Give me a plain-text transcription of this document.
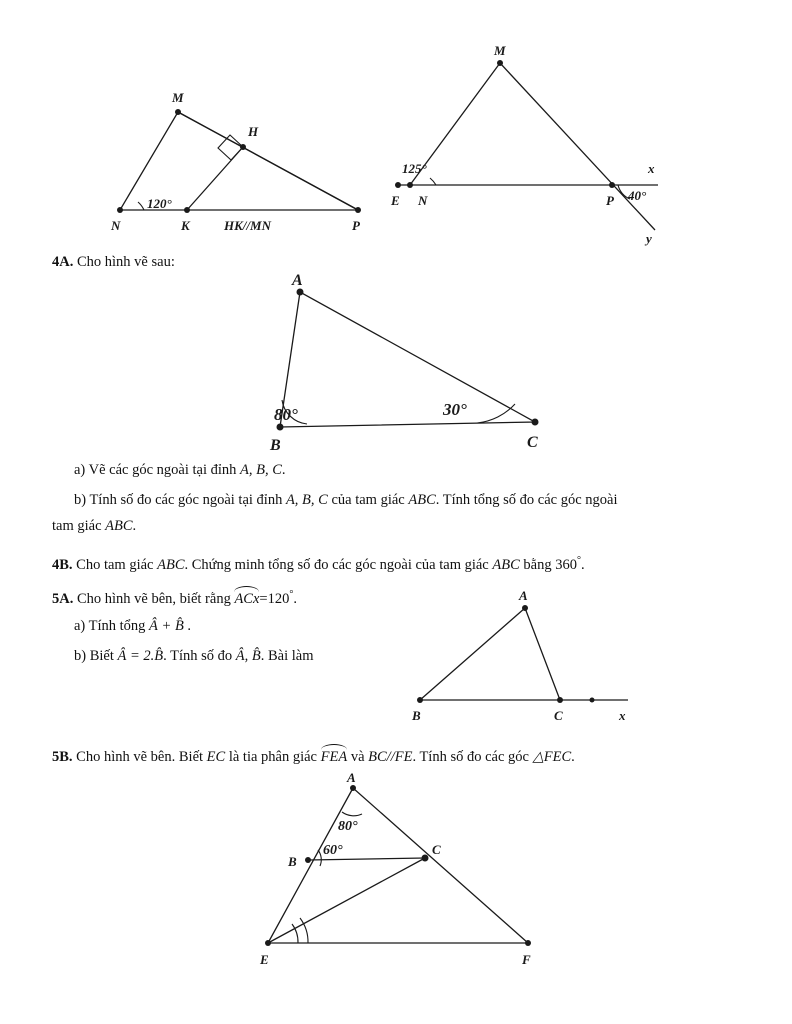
M
H
N	K	P
120°
HK//MN
M
E N	P
x
y
125°
40°
4A. Cho hình vẽ sau:
A
B	C
80°	30°
a) Vẽ các góc ngoài tại đỉnh A, B, C.
b) Tính số đo các góc ngoài tại đỉnh A, B, C của tam giác ABC. Tính tổng số đo các góc ngoài
tam giác ABC.
4B. Cho tam giác ABC. Chứng minh tổng số đo các góc ngoài của tam giác ABC bằng 360°.
5A. Cho hình vẽ bên, biết rằng ACx=120°.
a) Tính tổng Â + B̂ .
b) Biết Â = 2.B̂. Tính số đo Â, B̂. Bài làm
A
B	C	x
5B. Cho hình vẽ bên. Biết EC là tia phân giác FEA và BC//FE. Tính số đo các góc △FEC.
A
B
C
E	F
80°
60°
